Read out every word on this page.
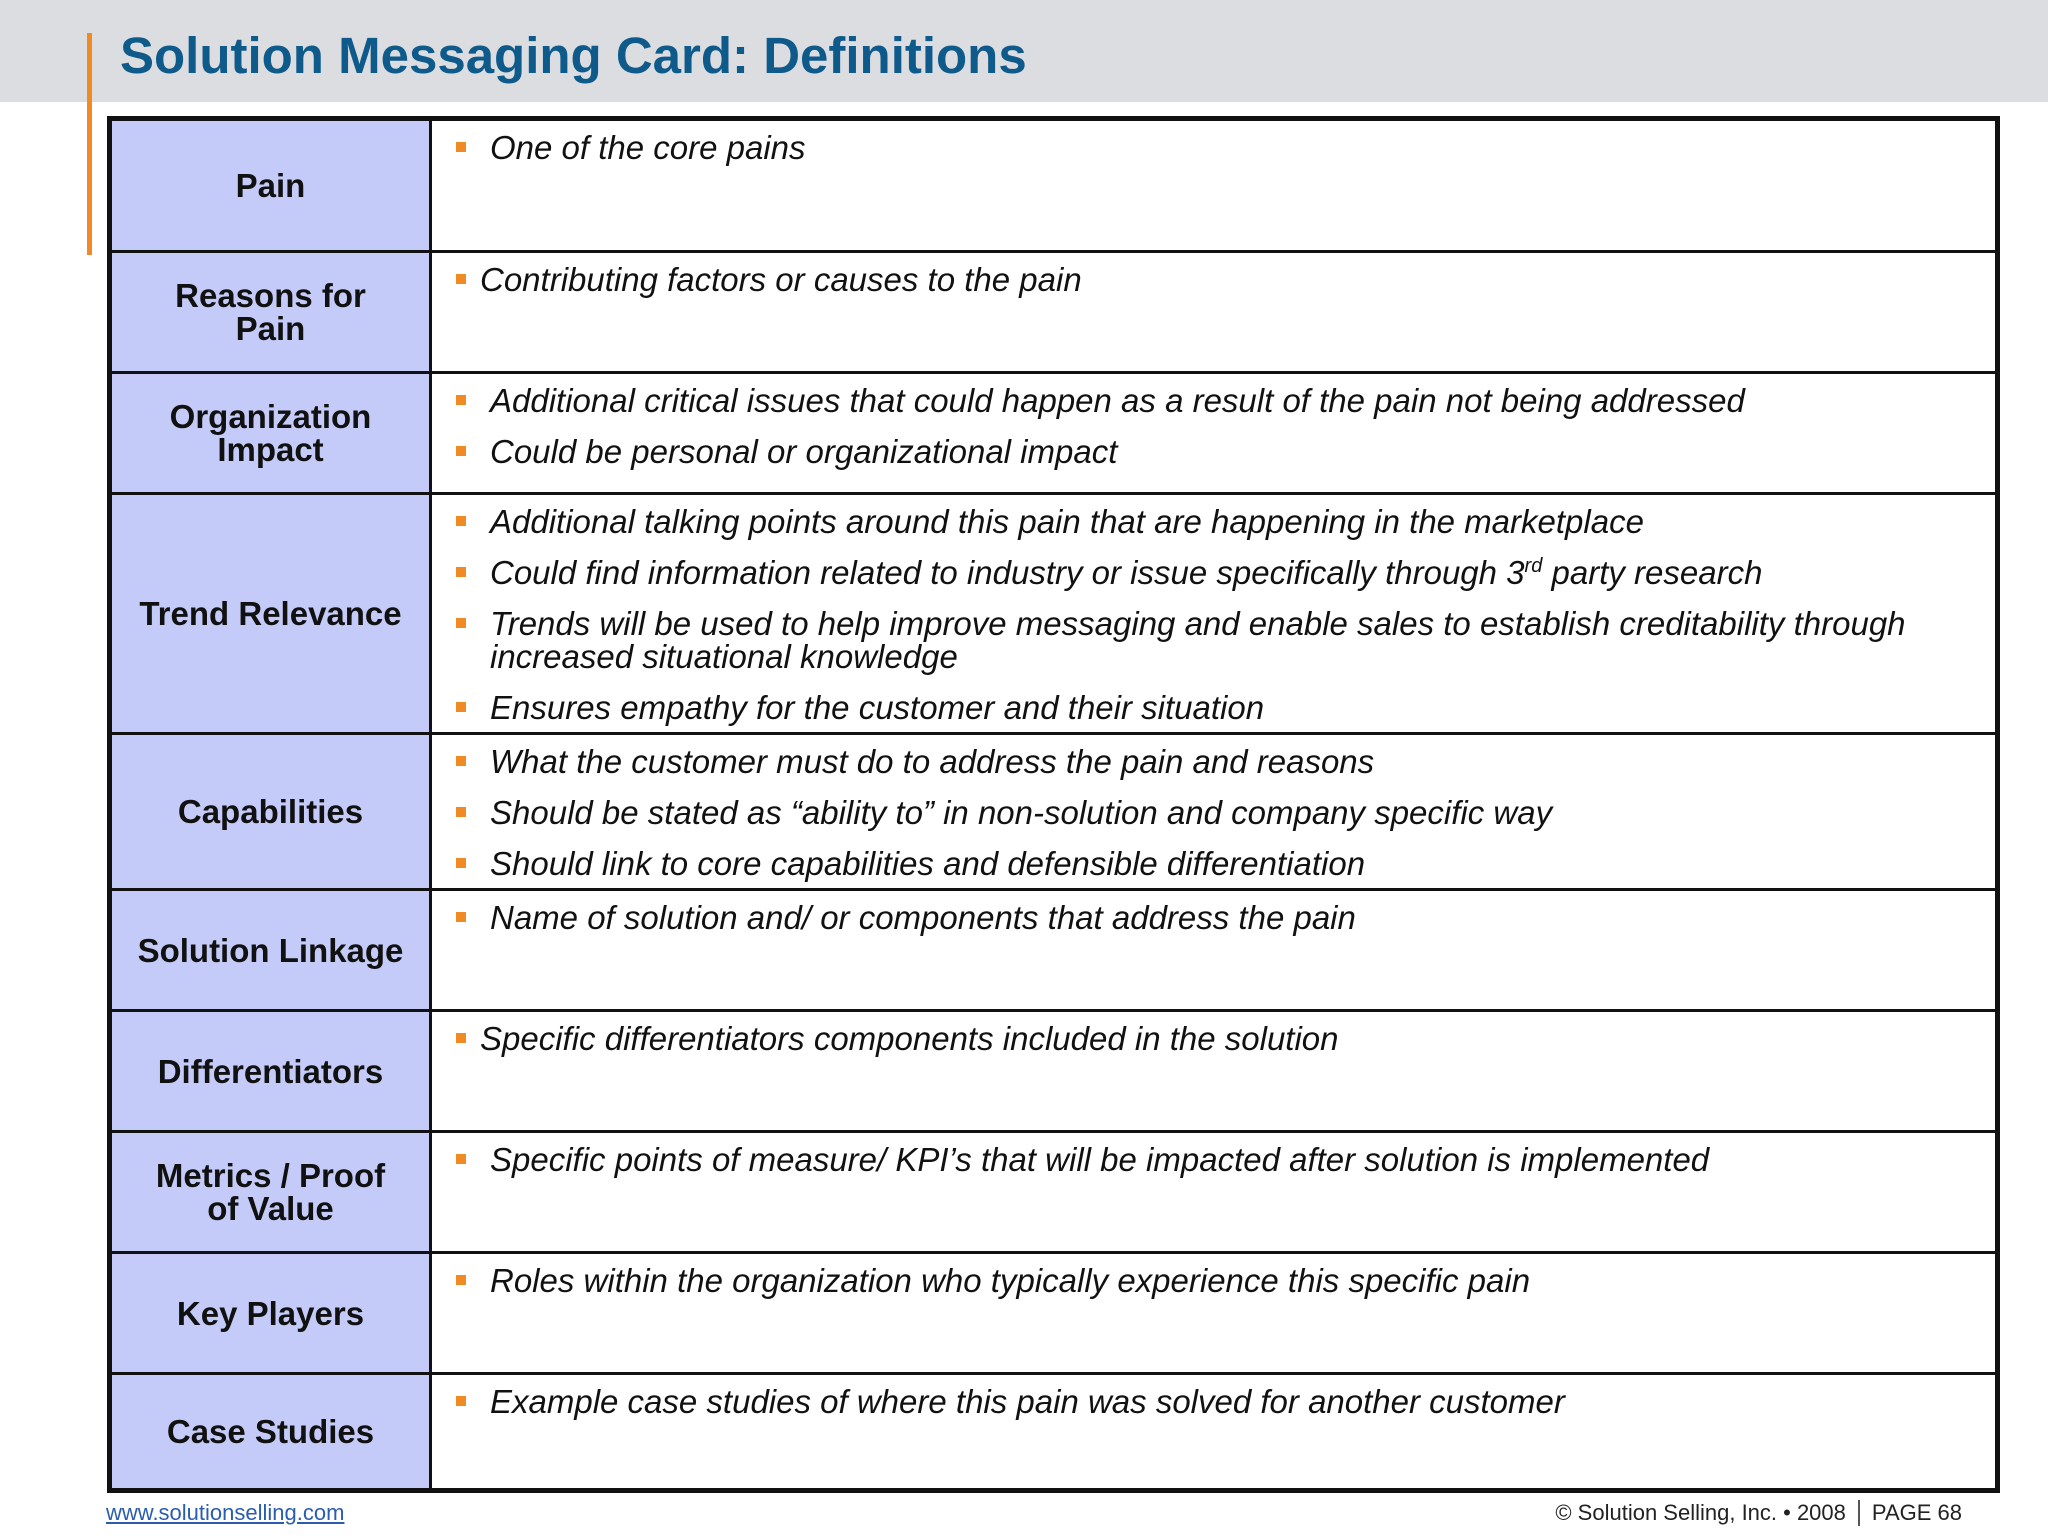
Solution Messaging Card: Definitions
Pain
One of the core pains
Reasons for
Pain
Contributing factors or causes to the pain
Organization
Impact
Additional critical issues that could happen as a result of the pain not being addressed
Could be personal or organizational impact
Trend Relevance
Additional talking points around this pain that are happening in the marketplace
Could find information related to industry or issue specifically through 3rd party research
Trends will be used to help improve messaging and enable sales to establish creditability through increased situational knowledge
Ensures empathy for the customer and their situation
Capabilities
What the customer must do to address the pain and reasons
Should be stated as “ability to” in non-solution and company specific way
Should link to core capabilities and defensible differentiation
Solution Linkage
Name of solution and/ or components that address the pain
Differentiators
Specific differentiators components included in the solution
Metrics / Proof
of Value
Specific points of measure/ KPI’s that will be impacted after solution is implemented
Key Players
Roles within the organization who typically experience this specific pain
Case Studies
Example case studies of where this pain was solved for another customer
www.solutionselling.com	© Solution Selling, Inc. • 2008 PAGE 68
